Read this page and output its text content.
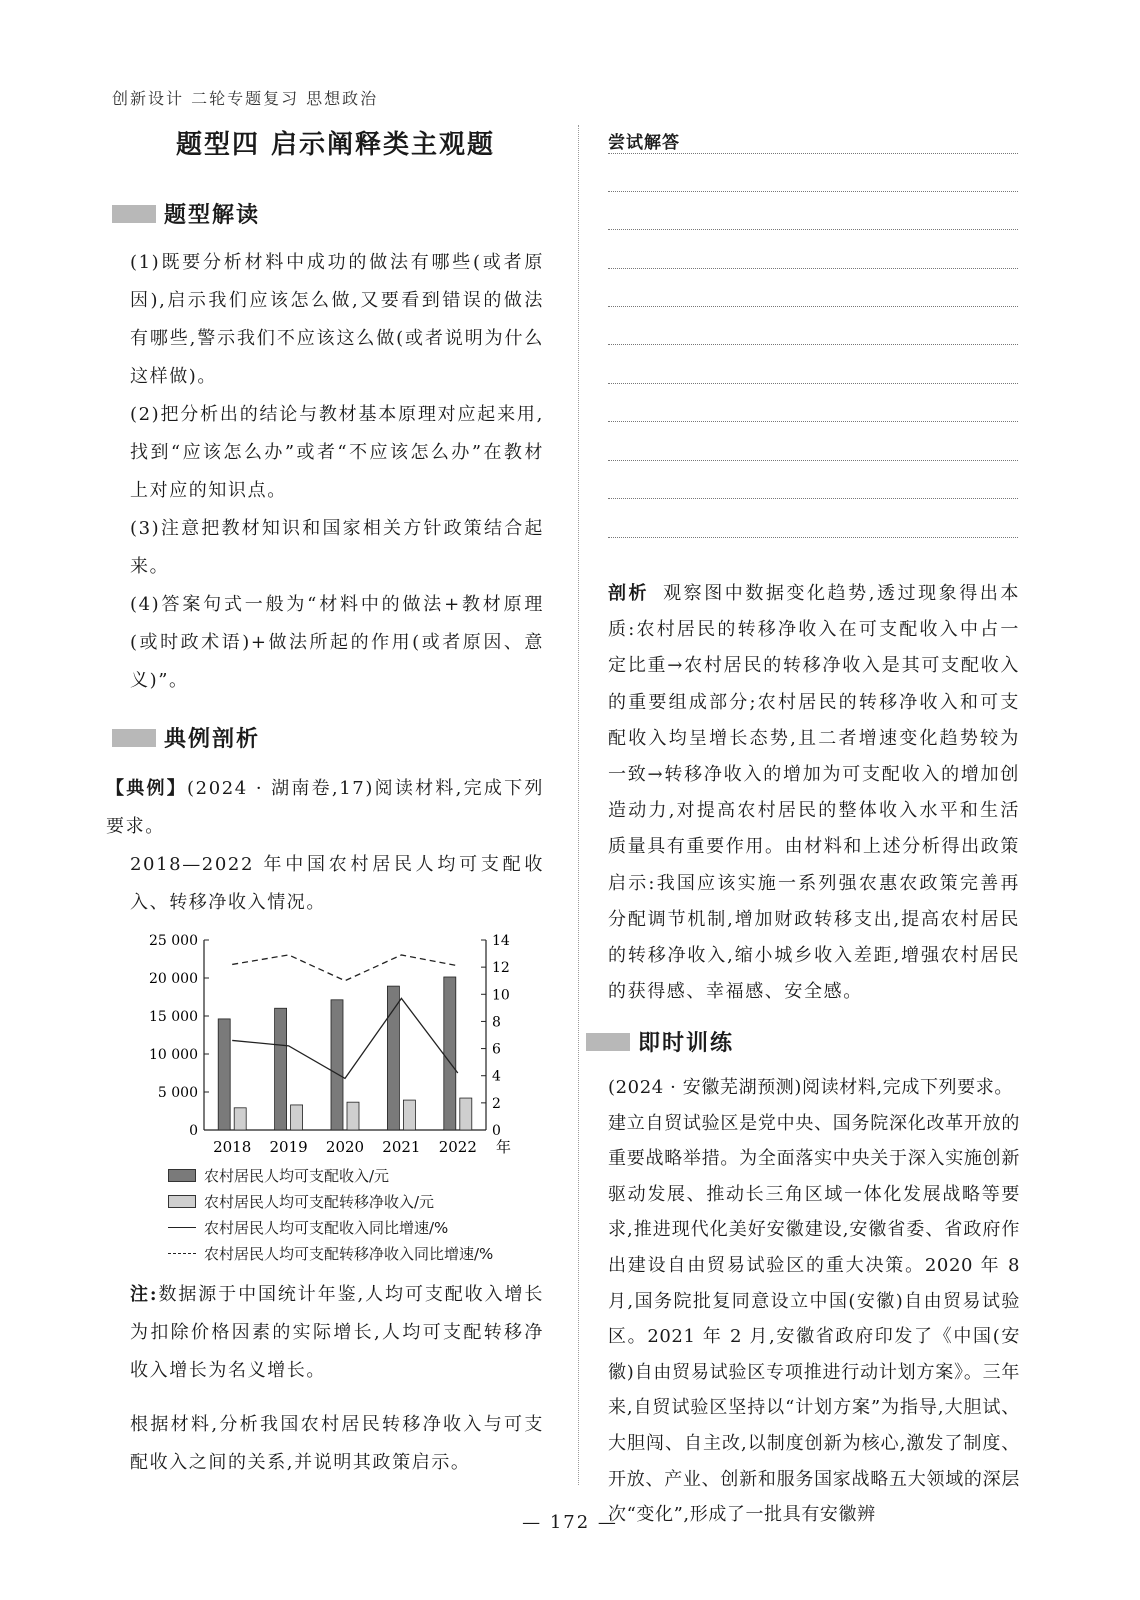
创新设计 二轮专题复习 思想政治
题型四 启示阐释类主观题
题型解读

(1)既要分析材料中成功的做法有哪些(或者原因),启示我们应该怎么做,又要看到错误的做法有哪些,警示我们不应该这么做(或者说明为什么这样做)。

(2)把分析出的结论与教材基本原理对应起来用,找到“应该怎么办”或者“不应该怎么办”在教材上对应的知识点。

(3)注意把教材知识和国家相关方针政策结合起来。

(4)答案句式一般为“材料中的做法+教材原理(或时政术语)+做法所起的作用(或者原因、意义)”。

典例剖析
【典例】(2024 · 湖南卷,17)阅读材料,完成下列要求。
2018—2022 年中国农村居民人均可支配收入、转移净收入情况。
25 000
20 000
15 000
10 000
5 000
0
14
12
10
8
6
4
2
0
2018 2019 2020 2021 2022 年
农村居民人均可支配收入/元
农村居民人均可支配转移净收入/元
农村居民人均可支配收入同比增速/%
农村居民人均可支配转移净收入同比增速/%
注:数据源于中国统计年鉴,人均可支配收入增长为扣除价格因素的实际增长,人均可支配转移净收入增长为名义增长。
根据材料,分析我国农村居民转移净收入与可支配收入之间的关系,并说明其政策启示。
尝试解答
剖析 观察图中数据变化趋势,透过现象得出本质:农村居民的转移净收入在可支配收入中占一定比重→农村居民的转移净收入是其可支配收入的重要组成部分;农村居民的转移净收入和可支配收入均呈增长态势,且二者增速变化趋势较为一致→转移净收入的增加为可支配收入的增加创造动力,对提高农村居民的整体收入水平和生活质量具有重要作用。由材料和上述分析得出政策启示:我国应该实施一系列强农惠农政策完善再分配调节机制,增加财政转移支出,提高农村居民的转移净收入,缩小城乡收入差距,增强农村居民的获得感、幸福感、安全感。
即时训练

(2024 · 安徽芜湖预测)阅读材料,完成下列要求。

建立自贸试验区是党中央、国务院深化改革开放的重要战略举措。为全面落实中央关于深入实施创新驱动发展、推动长三角区域一体化发展战略等要求,推进现代化美好安徽建设,安徽省委、省政府作出建设自由贸易试验区的重大决策。2020 年 8 月,国务院批复同意设立中国(安徽)自由贸易试验区。2021 年 2 月,安徽省政府印发了《中国(安徽)自由贸易试验区专项推进行动计划方案》。三年来,自贸试验区坚持以“计划方案”为指导,大胆试、大胆闯、自主改,以制度创新为核心,激发了制度、开放、产业、创新和服务国家战略五大领域的深层次“变化”,形成了一批具有安徽辨

— 172 —
